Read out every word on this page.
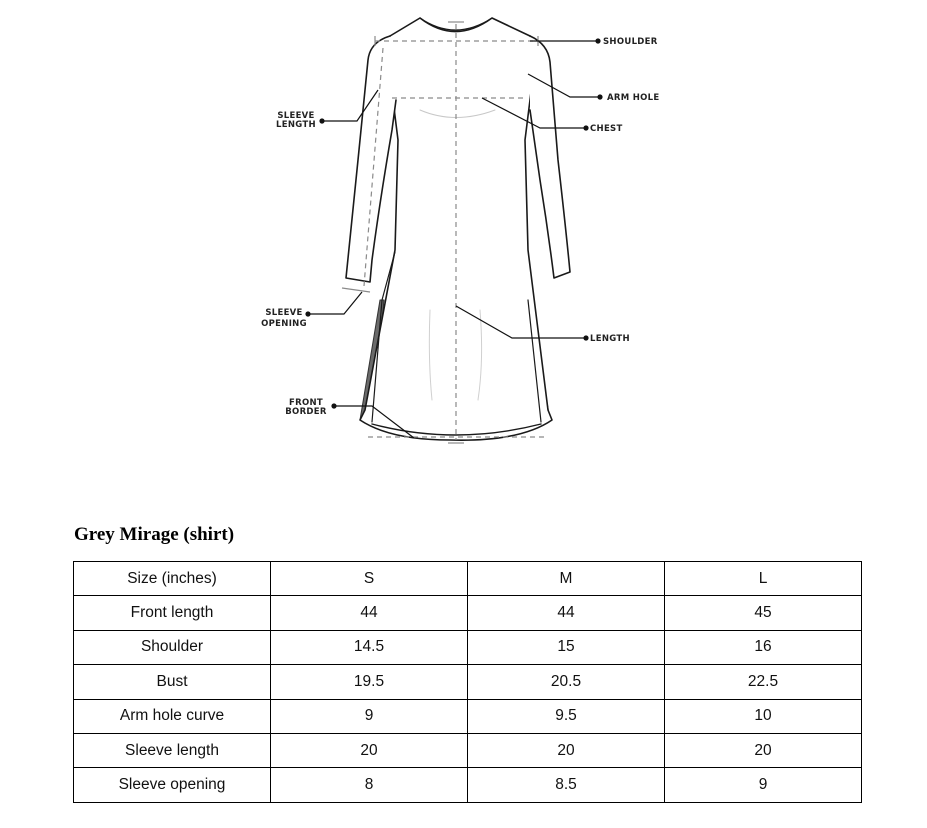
SHOULDER
ARM HOLE
CHEST
LENGTH
SLEEVE
LENGTH
SLEEVE
OPENING
FRONT
BORDER
Grey Mirage (shirt)
Size (inches)	S	M	L
Front length	44	44	45
Shoulder	14.5	15	16
Bust	19.5	20.5	22.5
Arm hole curve	9	9.5	10
Sleeve length	20	20	20
Sleeve opening	8	8.5	9
